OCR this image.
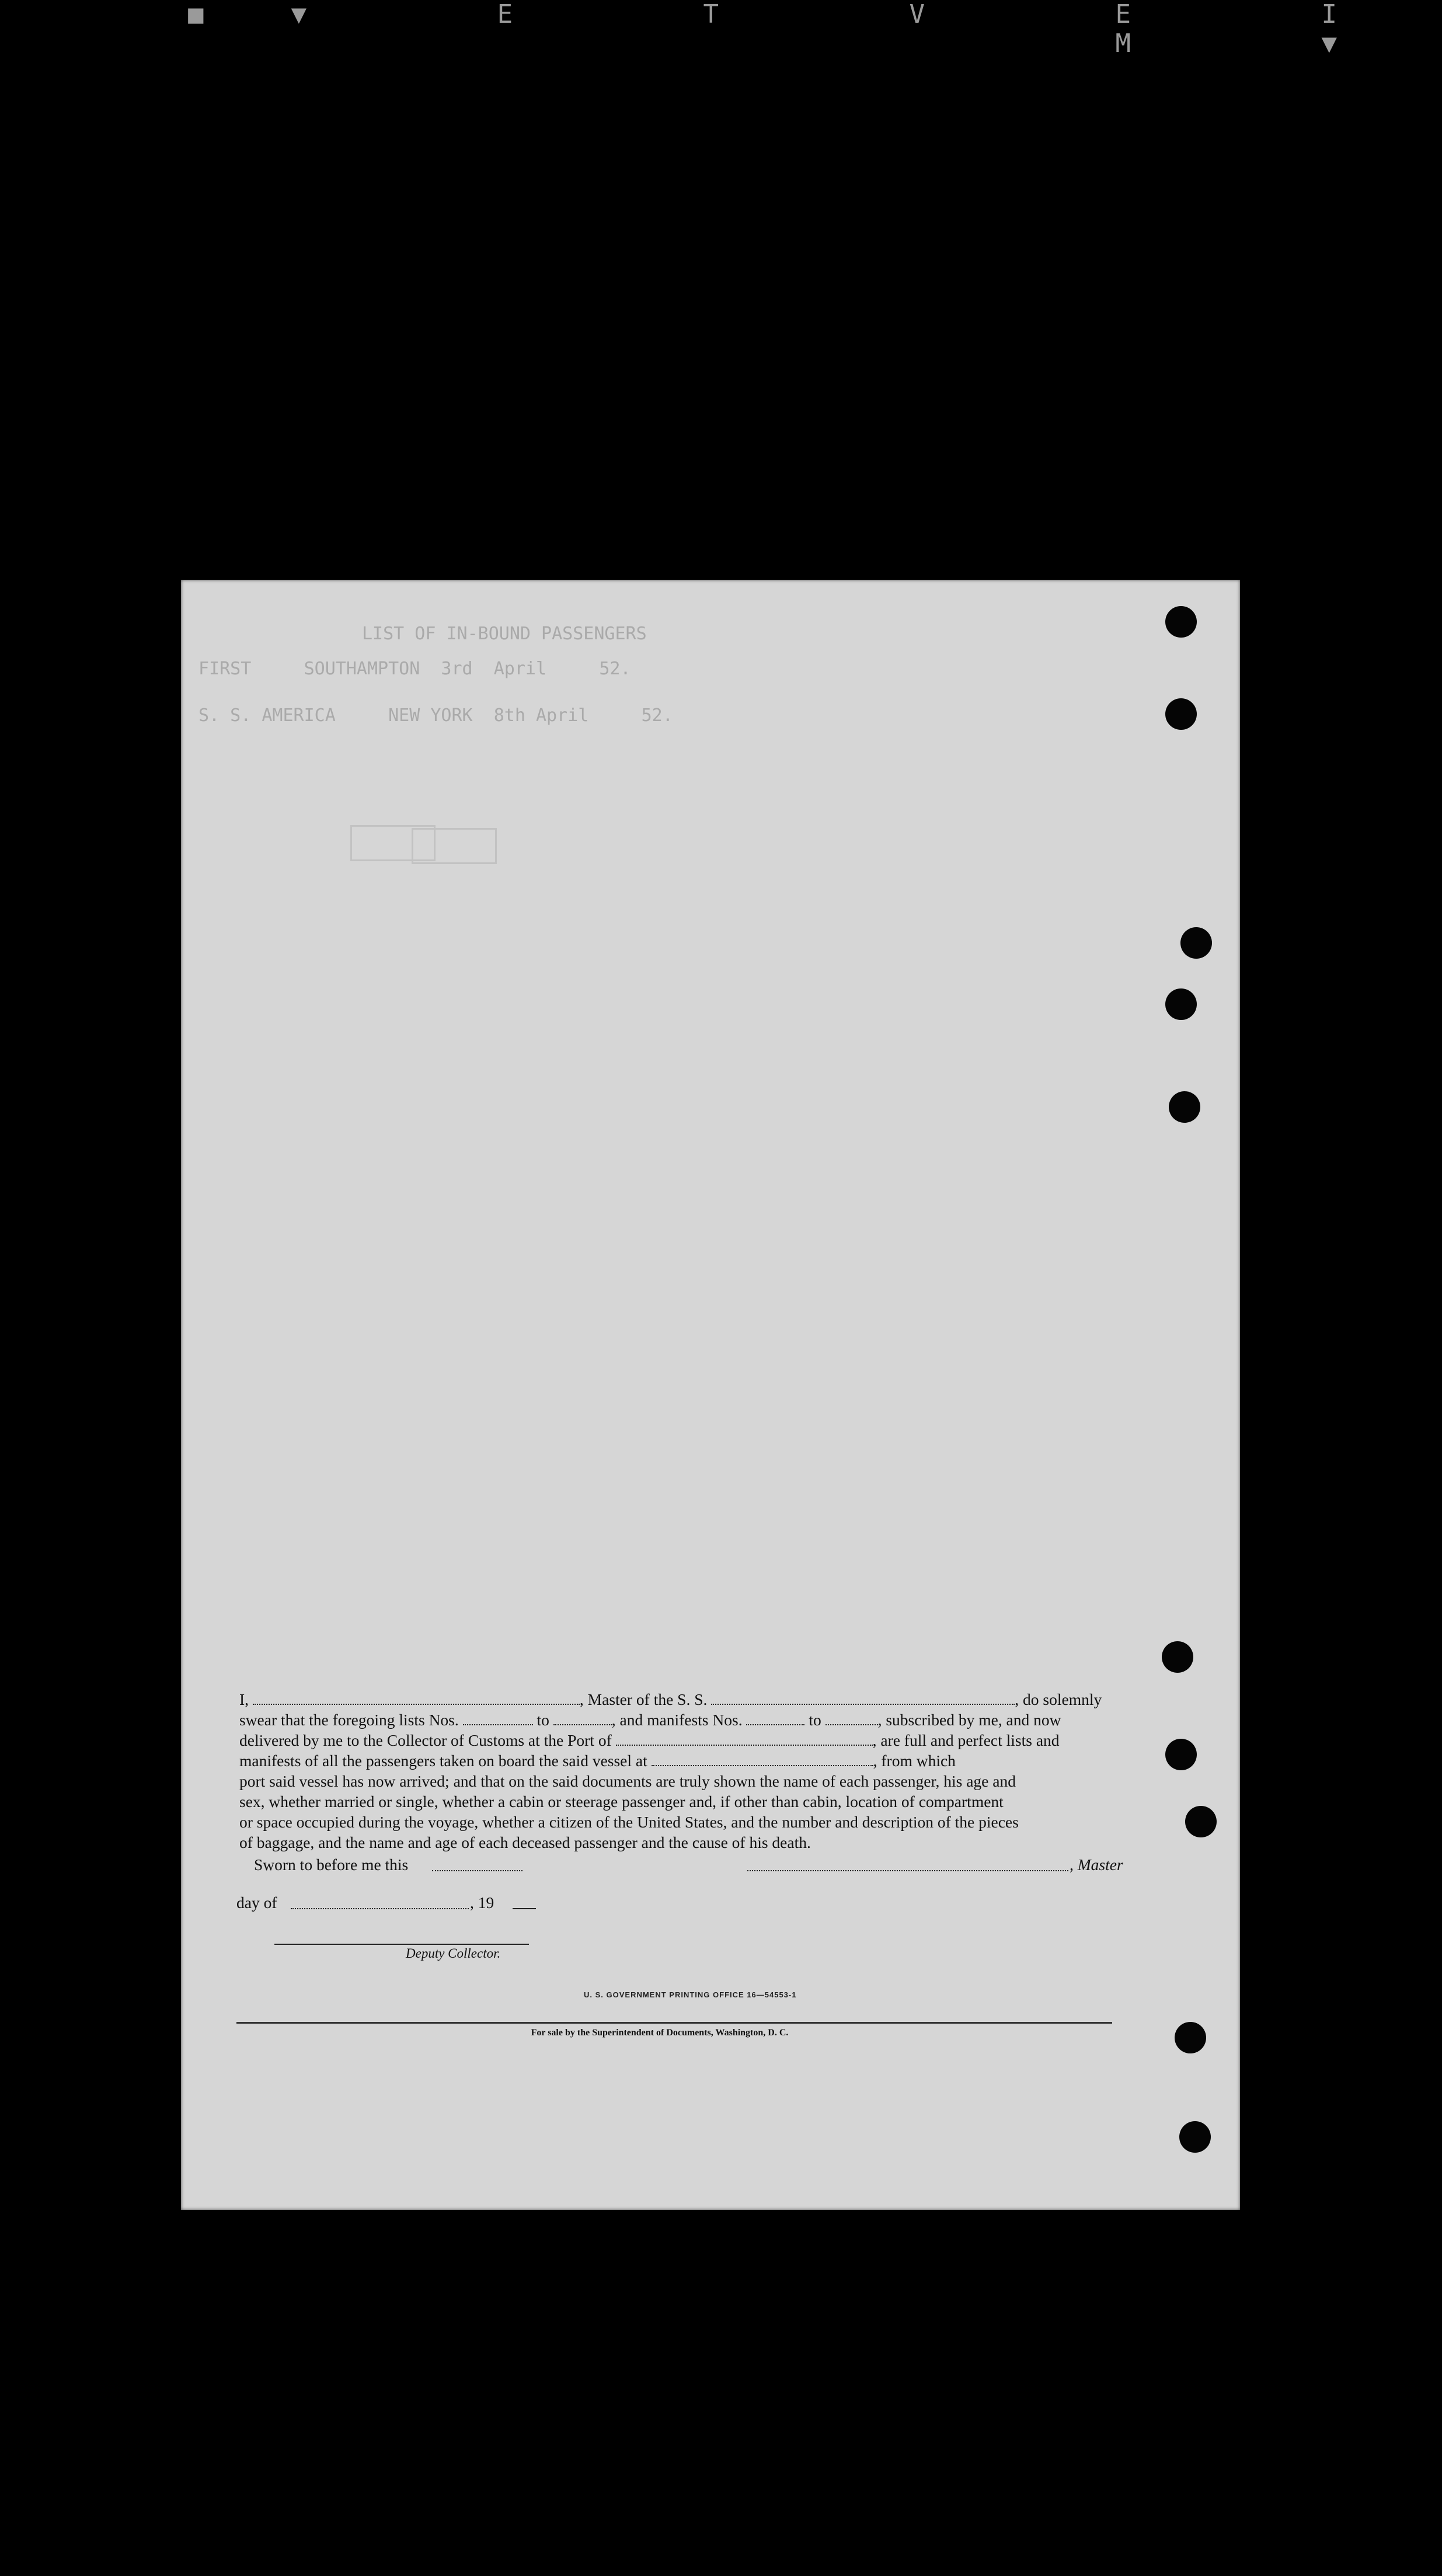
■▼ E T V E I M ▼
LIST OF IN-BOUND PASSENGERS
FIRST     SOUTHAMPTON  3rd  April     52.
S. S. AMERICA     NEW YORK  8th April     52.

I,	, Master of the S. S.	, do solemnly

swear that the foregoing lists Nos.	to	, and manifests Nos.	to	, subscribed by me, and now

delivered by me to the Collector of Customs at the Port of	, are full and perfect lists and

manifests of all the passengers taken on board the said vessel at	, from which

port said vessel has now arrived; and that on the said documents are truly shown the name of each passenger, his age and

sex, whether married or single, whether a cabin or steerage passenger and, if other than cabin, location of compartment

or space occupied during the voyage, whether a citizen of the United States, and the number and description of the pieces

of baggage, and the name and age of each deceased passenger and the cause of his death.

Sworn to before me this	, Master
day of	, 19
Deputy Collector.
U. S. GOVERNMENT PRINTING OFFICE 16—54553-1
For sale by the Superintendent of Documents, Washington, D. C.
